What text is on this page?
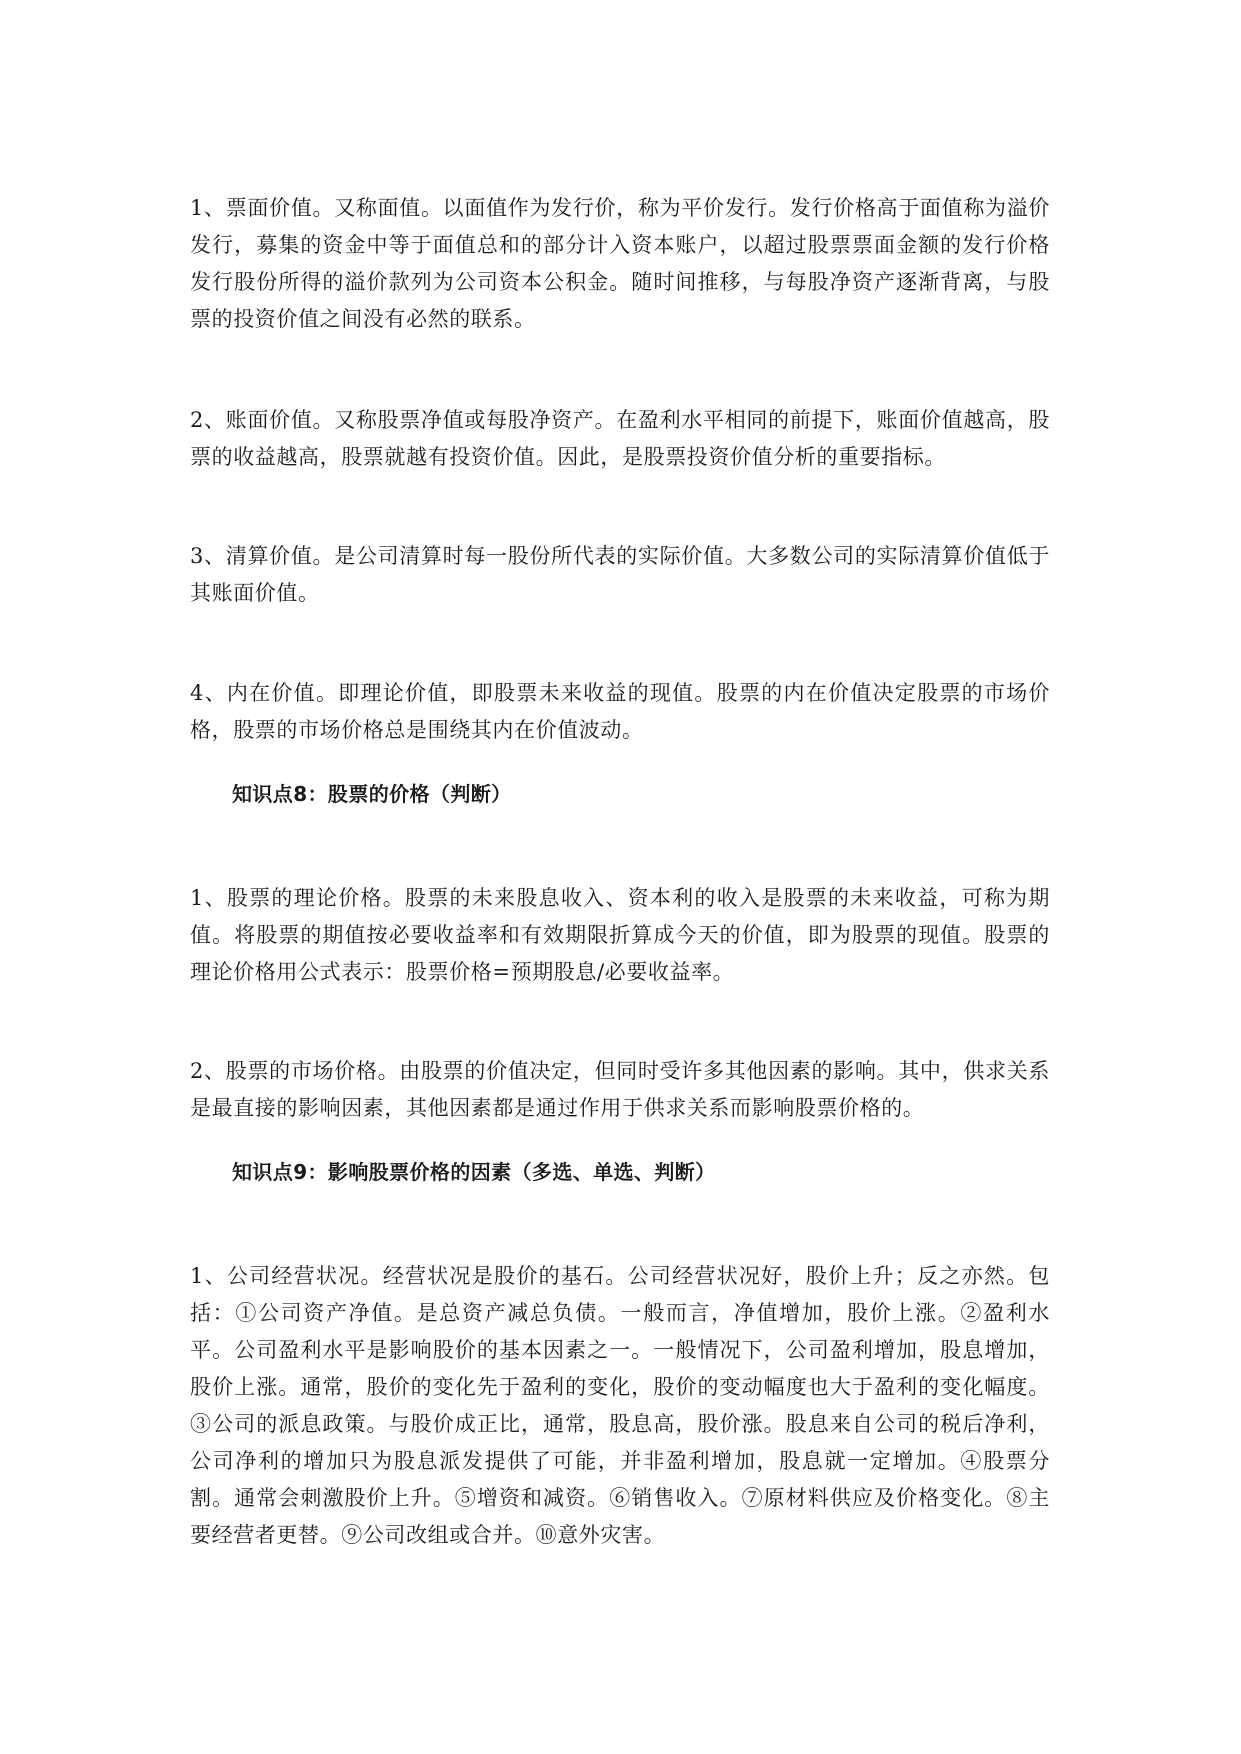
1、票面价值。又称面值。以面值作为发行价，称为平价发行。发行价格高于面值称为溢价发行，募集的资金中等于面值总和的部分计入资本账户，以超过股票票面金额的发行价格发行股份所得的溢价款列为公司资本公积金。随时间推移，与每股净资产逐渐背离，与股票的投资价值之间没有必然的联系。

2、账面价值。又称股票净值或每股净资产。在盈利水平相同的前提下，账面价值越高，股票的收益越高，股票就越有投资价值。因此，是股票投资价值分析的重要指标。

3、清算价值。是公司清算时每一股份所代表的实际价值。大多数公司的实际清算价值低于其账面价值。

4、内在价值。即理论价值，即股票未来收益的现值。股票的内在价值决定股票的市场价格，股票的市场价格总是围绕其内在价值波动。

知识点8：股票的价格（判断）

1、股票的理论价格。股票的未来股息收入、资本利的收入是股票的未来收益，可称为期值。将股票的期值按必要收益率和有效期限折算成今天的价值，即为股票的现值。股票的理论价格用公式表示：股票价格=预期股息/必要收益率。

2、股票的市场价格。由股票的价值决定，但同时受许多其他因素的影响。其中，供求关系是最直接的影响因素，其他因素都是通过作用于供求关系而影响股票价格的。

知识点9：影响股票价格的因素（多选、单选、判断）

1、公司经营状况。经营状况是股价的基石。公司经营状况好，股价上升；反之亦然。包括：①公司资产净值。是总资产减总负债。一般而言，净值增加，股价上涨。②盈利水平。公司盈利水平是影响股价的基本因素之一。一般情况下，公司盈利增加，股息增加，股价上涨。通常，股价的变化先于盈利的变化，股价的变动幅度也大于盈利的变化幅度。③公司的派息政策。与股价成正比，通常，股息高，股价涨。股息来自公司的税后净利，公司净利的增加只为股息派发提供了可能，并非盈利增加，股息就一定增加。④股票分割。通常会刺激股价上升。⑤增资和减资。⑥销售收入。⑦原材料供应及价格变化。⑧主要经营者更替。⑨公司改组或合并。⑩意外灾害。
